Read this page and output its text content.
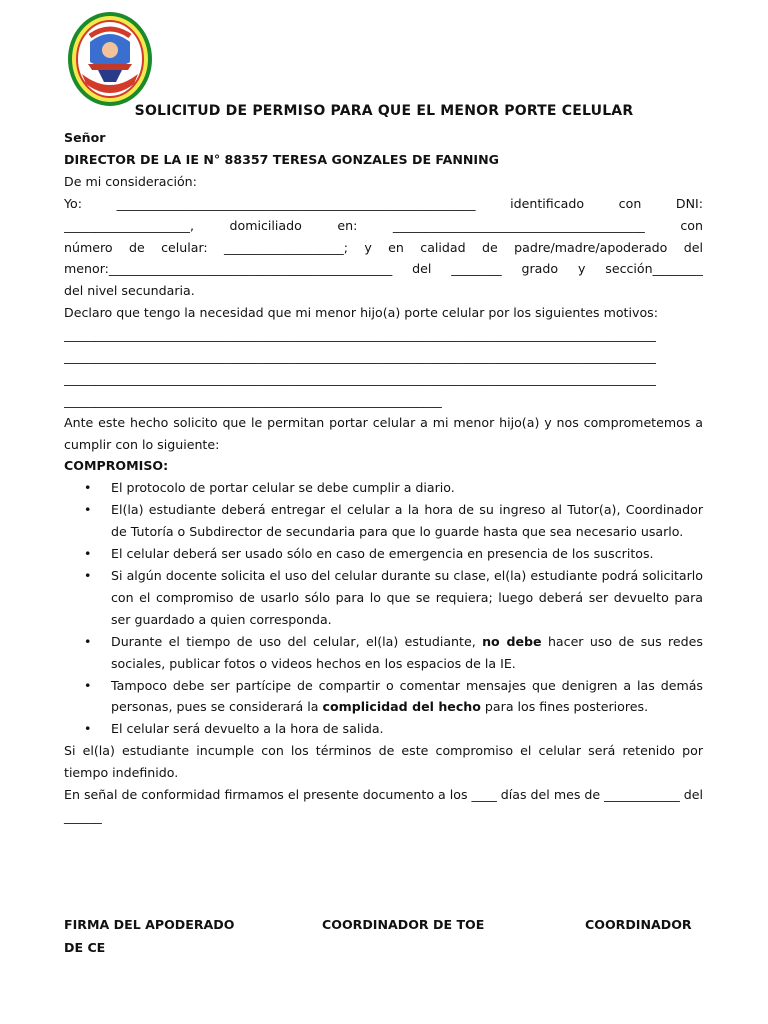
SOLICITUD DE PERMISO PARA QUE EL MENOR PORTE CELULAR

Señor

DIRECTOR DE LA IE N° 88357 TERESA GONZALES DE FANNING

De mi consideración:

Yo: _________________________________________________________ identificado con DNI:

____________________, domiciliado en: ________________________________________ con

número de celular: ___________________; y en calidad de padre/madre/apoderado del

menor:_____________________________________________ del ________ grado y sección________

del nivel secundaria.

Declaro que tengo la necesidad que mi menor hijo(a) porte celular por los siguientes motivos:

______________________________________________________________________________________________

______________________________________________________________________________________________

______________________________________________________________________________________________

____________________________________________________________

Ante este hecho solicito que le permitan portar celular a mi menor hijo(a) y nos comprometemos a cumplir con lo siguiente:

COMPROMISO:

• El protocolo de portar celular se debe cumplir a diario.
• El(la) estudiante deberá entregar el celular a la hora de su ingreso al Tutor(a), Coordinador de Tutoría o Subdirector de secundaria para que lo guarde hasta que sea necesario usarlo.
• El celular deberá ser usado sólo en caso de emergencia en presencia de los suscritos.
• Si algún docente solicita el uso del celular durante su clase, el(la) estudiante podrá solicitarlo con el compromiso de usarlo sólo para lo que se requiera; luego deberá ser devuelto para ser guardado a quien corresponda.
• Durante el tiempo de uso del celular, el(la) estudiante, no debe hacer uso de sus redes sociales, publicar fotos o videos hechos en los espacios de la IE.
• Tampoco debe ser partícipe de compartir o comentar mensajes que denigren a las demás personas, pues se considerará la complicidad del hecho para los fines posteriores.
• El celular será devuelto a la hora de salida.

Si el(la) estudiante incumple con los términos de este compromiso el celular será retenido por tiempo indefinido.

En señal de conformidad firmamos el presente documento a los ____ días del mes de ____________ del ______

FIRMA DEL APODERADO	COORDINADOR DE TOE	COORDINADOR
DE CE
